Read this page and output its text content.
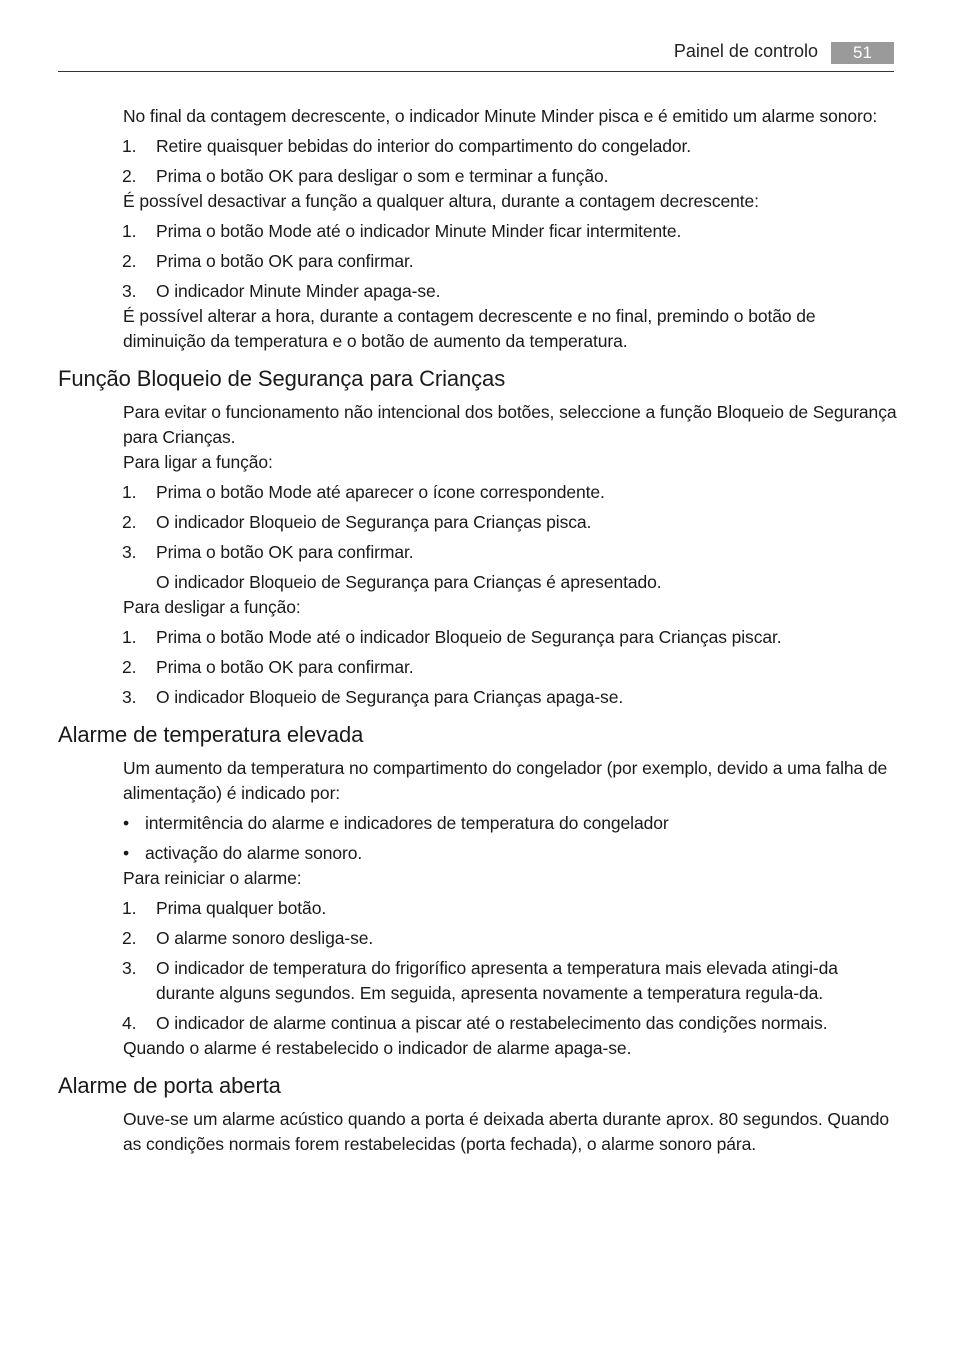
Painel de controlo	51

No final da contagem decrescente, o indicador Minute Minder pisca e é emitido um alarme sonoro:

1. Retire quaisquer bebidas do interior do compartimento do congelador.
2. Prima o botão OK para desligar o som e terminar a função.

É possível desactivar a função a qualquer altura, durante a contagem decrescente:

1. Prima o botão Mode até o indicador Minute Minder ficar intermitente.
2. Prima o botão OK para confirmar.
3. O indicador Minute Minder apaga-se.

É possível alterar a hora, durante a contagem decrescente e no final, premindo o botão de diminuição da temperatura e o botão de aumento da temperatura.

Função Bloqueio de Segurança para Crianças

Para evitar o funcionamento não intencional dos botões, seleccione a função Bloqueio de Segurança para Crianças.

Para ligar a função:

1. Prima o botão Mode até aparecer o ícone correspondente.
2. O indicador Bloqueio de Segurança para Crianças pisca.
3. Prima o botão OK para confirmar.
O indicador Bloqueio de Segurança para Crianças é apresentado.

Para desligar a função:

1. Prima o botão Mode até o indicador Bloqueio de Segurança para Crianças piscar.
2. Prima o botão OK para confirmar.
3. O indicador Bloqueio de Segurança para Crianças apaga-se.
Alarme de temperatura elevada

Um aumento da temperatura no compartimento do congelador (por exemplo, devido a uma falha de alimentação) é indicado por:

• intermitência do alarme e indicadores de temperatura do congelador
• activação do alarme sonoro.

Para reiniciar o alarme:

1. Prima qualquer botão.
2. O alarme sonoro desliga-se.
3. O indicador de temperatura do frigorífico apresenta a temperatura mais elevada atingi-da durante alguns segundos. Em seguida, apresenta novamente a temperatura regula-da.
4. O indicador de alarme continua a piscar até o restabelecimento das condições normais.

Quando o alarme é restabelecido o indicador de alarme apaga-se.

Alarme de porta aberta

Ouve-se um alarme acústico quando a porta é deixada aberta durante aprox. 80 segundos. Quando as condições normais forem restabelecidas (porta fechada), o alarme sonoro pára.
